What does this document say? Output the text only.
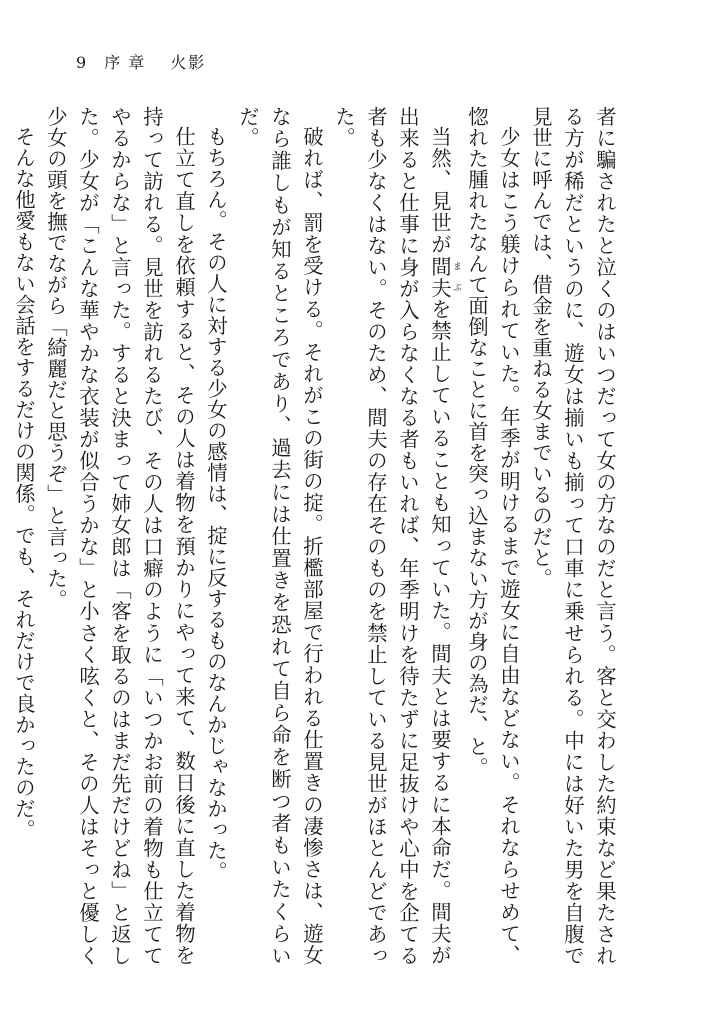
9 序章 火影

者に騙されたと泣くのはいつだって女の方なのだと言う。客と交わした約束など果たされる方が稀だというのに、遊女は揃いも揃って口車に乗せられる。中には好いた男を自腹で見世に呼んでは、借金を重ねる女までいるのだと。

少女はこう躾けられていた。年季が明けるまで遊女に自由などない。それならせめて、惚れた腫れたなんて面倒なことに首を突っ込まない方が身の為だ、と。

当然、見世が間夫 まぶを禁止していることも知っていた。間夫とは要するに本命だ。間夫が出来ると仕事に身が入らなくなる者もいれば、年季明けを待たずに足抜けや心中を企てる者も少なくはない。そのため、間夫の存在そのものを禁止している見世がほとんどであった。

破れば、罰を受ける。それがこの街の掟。折檻部屋で行われる仕置きの凄惨さは、遊女なら誰しもが知るところであり、過去には仕置きを恐れて自ら命を断つ者もいたくらいだ。

もちろん。その人に対する少女の感情は、掟に反するものなんかじゃなかった。

仕立て直しを依頼すると、その人は着物を預かりにやって来て、数日後に直した着物を持って訪れる。見世を訪れるたび、その人は口癖のように「いつかお前の着物も仕立ててやるからな」と言った。すると決まって姉女郎は「客を取るのはまだ先だけどね」と返した。少女が「こんな華やかな衣装が似合うかな」と小さく呟くと、その人はそっと優しく少女の頭を撫でながら「綺麗だと思うぞ」と言った。

そんな他愛もない会話をするだけの関係。でも、それだけで良かったのだ。
